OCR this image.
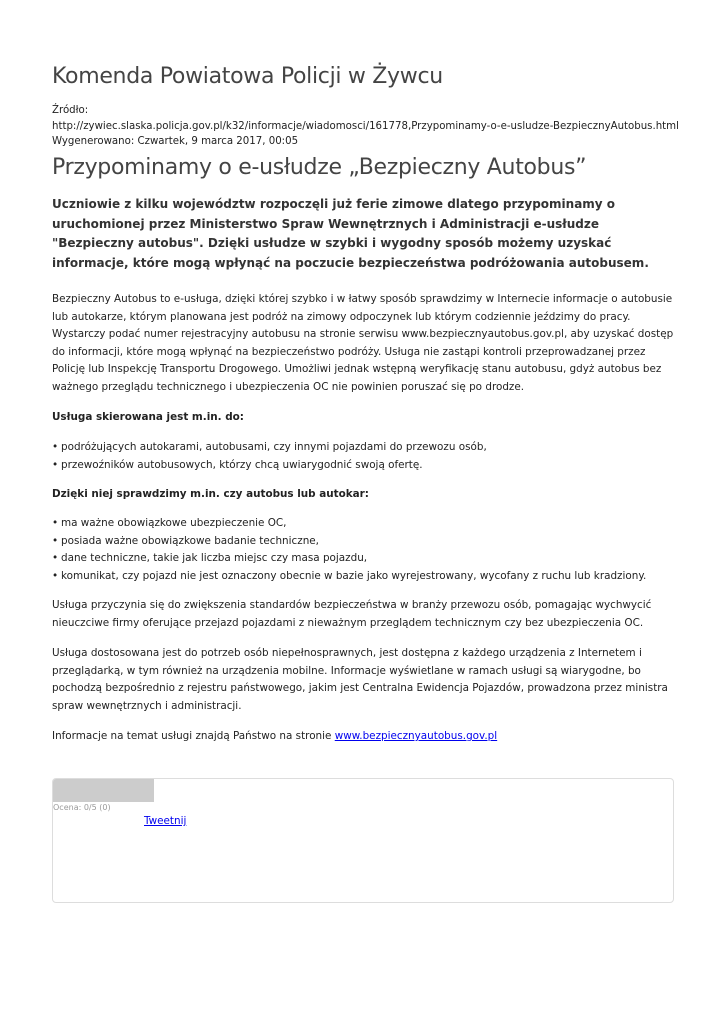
Komenda Powiatowa Policji w Żywcu
Źródło:
http://zywiec.slaska.policja.gov.pl/k32/informacje/wiadomosci/161778,Przypominamy-o-e-usludze-BezpiecznyAutobus.html
Wygenerowano: Czwartek, 9 marca 2017, 00:05
Przypominamy o e-usłudze „Bezpieczny Autobus”

Uczniowie z kilku województw rozpoczęli już ferie zimowe dlatego przypominamy o uruchomionej przez Ministerstwo Spraw Wewnętrznych i Administracji e-usłudze "Bezpieczny autobus". Dzięki usłudze w szybki i wygodny sposób możemy uzyskać informacje, które mogą wpłynąć na poczucie bezpieczeństwa podróżowania autobusem.

Bezpieczny Autobus to e-usługa, dzięki której szybko i w łatwy sposób sprawdzimy w Internecie informacje o autobusie lub autokarze, którym planowana jest podróż na zimowy odpoczynek lub którym codziennie jeździmy do pracy. Wystarczy podać numer rejestracyjny autobusu na stronie serwisu www.bezpiecznyautobus.gov.pl, aby uzyskać dostęp do informacji, które mogą wpłynąć na bezpieczeństwo podróży. Usługa nie zastąpi kontroli przeprowadzanej przez Policję lub Inspekcję Transportu Drogowego. Umożliwi jednak wstępną weryfikację stanu autobusu, gdyż autobus bez ważnego przeglądu technicznego i ubezpieczenia OC nie powinien poruszać się po drodze.

Usługa skierowana jest m.in. do:

• podróżujących autokarami, autobusami, czy innymi pojazdami do przewozu osób,
• przewoźników autobusowych, którzy chcą uwiarygodnić swoją ofertę.

Dzięki niej sprawdzimy m.in. czy autobus lub autokar:

• ma ważne obowiązkowe ubezpieczenie OC,
• posiada ważne obowiązkowe badanie techniczne,
• dane techniczne, takie jak liczba miejsc czy masa pojazdu,
• komunikat, czy pojazd nie jest oznaczony obecnie w bazie jako wyrejestrowany, wycofany z ruchu lub kradziony.

Usługa przyczynia się do zwiększenia standardów bezpieczeństwa w branży przewozu osób, pomagając wychwycić nieuczciwe firmy oferujące przejazd pojazdami z nieważnym przeglądem technicznym czy bez ubezpieczenia OC.

Usługa dostosowana jest do potrzeb osób niepełnosprawnych, jest dostępna z każdego urządzenia z Internetem i przeglądarką, w tym również na urządzenia mobilne. Informacje wyświetlane w ramach usługi są wiarygodne, bo pochodzą bezpośrednio z rejestru państwowego, jakim jest Centralna Ewidencja Pojazdów, prowadzona przez ministra spraw wewnętrznych i administracji.

Informacje na temat usługi znajdą Państwo na stronie www.bezpiecznyautobus.gov.pl

Ocena: 0/5 (0)
Tweetnij
